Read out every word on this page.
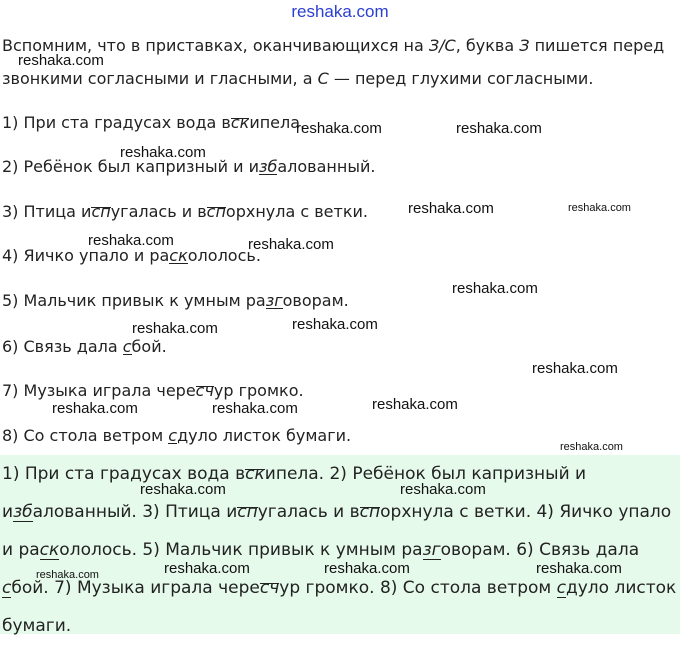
reshaka.com

Вспомним, что в приставках, оканчивающихся на З/С, буква З пишется перед звонкими согласными и гласными, а С — перед глухими согласными.

1) При ста градусах вода вск
ипела.

2) Ребёнок был капризный и изб
алованный.

3) Птица исп
угалась и всп
орхнула с ветки.

4) Яичко упало и раск
ололось.

5) Мальчик привык к умным разг
оворам.

6) Связь дала с
бой.

7) Музыка играла чересч
ур громко.

8) Со стола ветром с
дуло листок бумаги.

1) При ста градусах вода вск
ипела. 2) Ребёнок был капризный и изб
алованный. 3) Птица исп
угалась и всп
орхнула с ветки. 4) Яичко упало и раск
ололось. 5) Мальчик привык к умным разг
оворам. 6) Связь дала с
бой. 7) Музыка играла чересч
ур громко. 8) Со стола ветром с
дуло листок бумаги.

reshaka.com
reshaka.com	reshaka.com
reshaka.com
reshaka.com	reshaka.com
reshaka.com	reshaka.com
reshaka.com
reshaka.com	reshaka.com
reshaka.com
reshaka.com	reshaka.com	reshaka.com
reshaka.com
reshaka.com	reshaka.com
reshaka.com	reshaka.com	reshaka.com	reshaka.com
